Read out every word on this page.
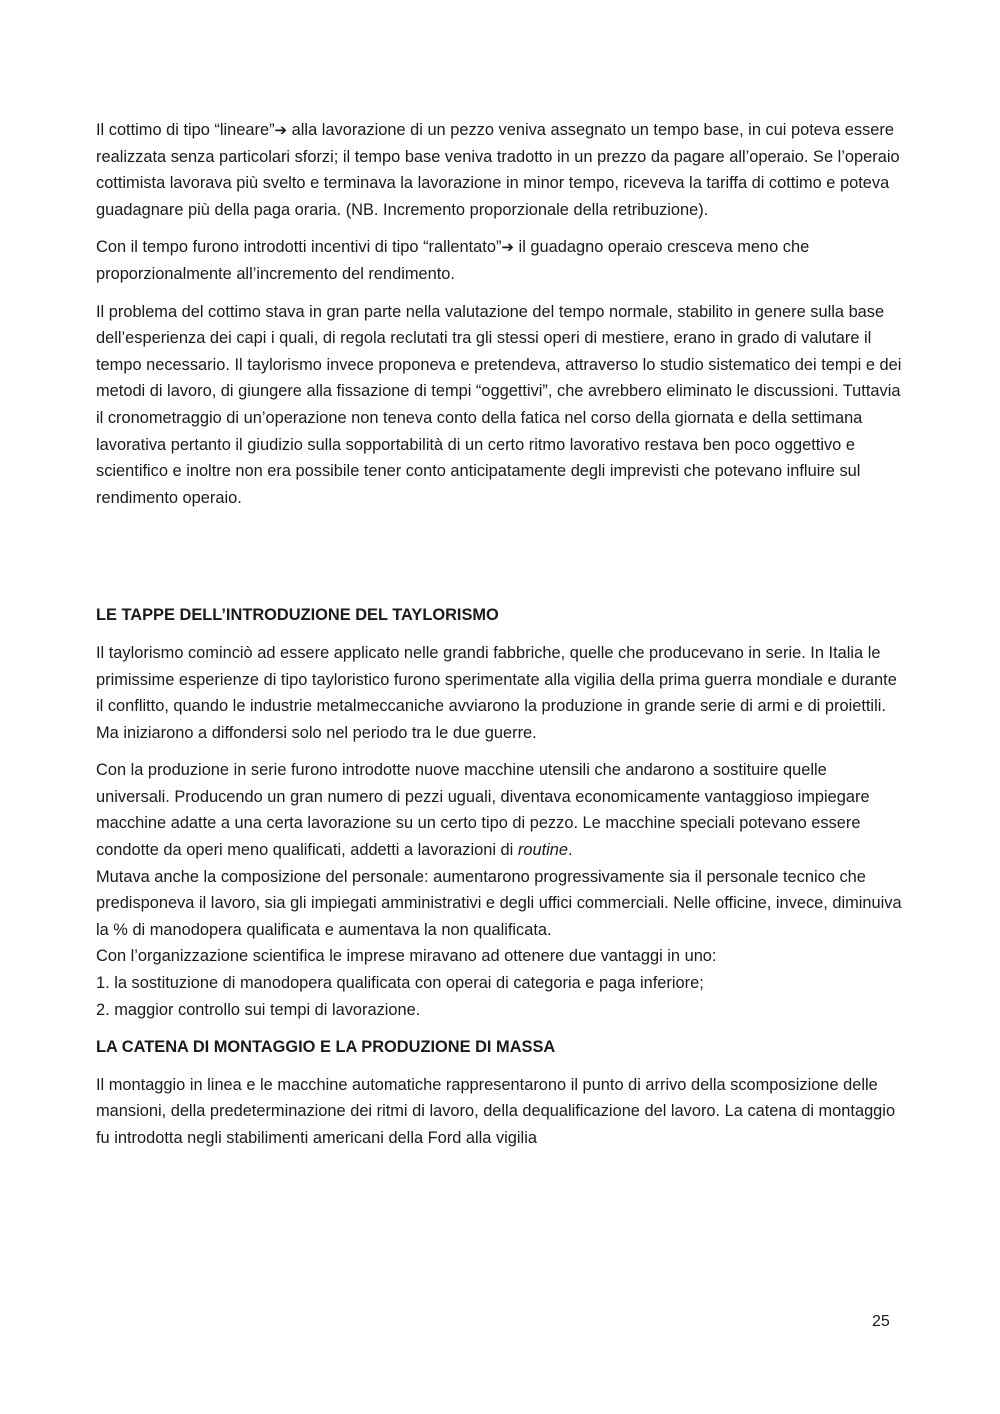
Il cottimo di tipo “lineare”➔ alla lavorazione di un pezzo veniva assegnato un tempo base, in cui poteva essere realizzata senza particolari sforzi; il tempo base veniva tradotto in un prezzo da pagare all’operaio. Se l’operaio cottimista lavorava più svelto e terminava la lavorazione in minor tempo, riceveva la tariffa di cottimo e poteva guadagnare più della paga oraria. (NB. Incremento proporzionale della retribuzione).

Con il tempo furono introdotti incentivi di tipo “rallentato”➔ il guadagno operaio cresceva meno che proporzionalmente all’incremento del rendimento.

Il problema del cottimo stava in gran parte nella valutazione del tempo normale, stabilito in genere sulla base dell’esperienza dei capi i quali, di regola reclutati tra gli stessi operi di mestiere, erano in grado di valutare il tempo necessario. Il taylorismo invece proponeva e pretendeva, attraverso lo studio sistematico dei tempi e dei metodi di lavoro, di giungere alla fissazione di tempi “oggettivi”, che avrebbero eliminato le discussioni. Tuttavia il cronometraggio di un’operazione non teneva conto della fatica nel corso della giornata e della settimana lavorativa pertanto il giudizio sulla sopportabilità di un certo ritmo lavorativo restava ben poco oggettivo e scientifico e inoltre non era possibile tener conto anticipatamente degli imprevisti che potevano influire sul rendimento operaio.

LE TAPPE DELL’INTRODUZIONE DEL TAYLORISMO

Il taylorismo cominciò ad essere applicato nelle grandi fabbriche, quelle che producevano in serie. In Italia le primissime esperienze di tipo tayloristico furono sperimentate alla vigilia della prima guerra mondiale e durante il conflitto, quando le industrie metalmeccaniche avviarono la produzione in grande serie di armi e di proiettili. Ma iniziarono a diffondersi solo nel periodo tra le due guerre.

Con la produzione in serie furono introdotte nuove macchine utensili che andarono a sostituire quelle universali. Producendo un gran numero di pezzi uguali, diventava economicamente vantaggioso impiegare macchine adatte a una certa lavorazione su un certo tipo di pezzo. Le macchine speciali potevano essere condotte da operi meno qualificati, addetti a lavorazioni di routine.

Mutava anche la composizione del personale: aumentarono progressivamente sia il personale tecnico che predisponeva il lavoro, sia gli impiegati amministrativi e degli uffici commerciali. Nelle officine, invece, diminuiva la % di manodopera qualificata e aumentava la non qualificata.

Con l’organizzazione scientifica le imprese miravano ad ottenere due vantaggi in uno:

1. la sostituzione di manodopera qualificata con operai di categoria e paga inferiore;

2. maggior controllo sui tempi di lavorazione.

LA CATENA DI MONTAGGIO E LA PRODUZIONE DI MASSA

Il montaggio in linea e le macchine automatiche rappresentarono il punto di arrivo della scomposizione delle mansioni, della predeterminazione dei ritmi di lavoro, della dequalificazione del lavoro. La catena di montaggio fu introdotta negli stabilimenti americani della Ford alla vigilia

25
